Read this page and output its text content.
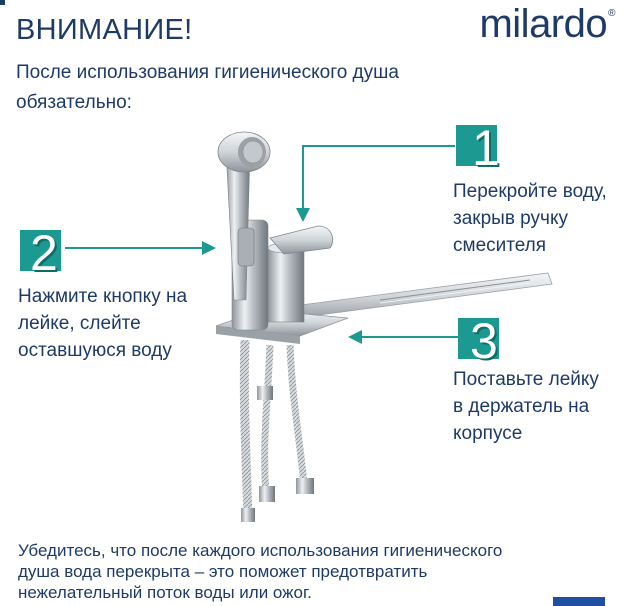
ВНИМАНИЕ!	milardo®
После использования гигиенического душа обязательно:
1
2
3
Перекройте воду, закрыв ручку смесителя
Нажмите кнопку на лейке, слейте оставшуюся воду
Поставьте лейку в держатель на корпусе
Убедитесь, что после каждого использования гигиенического душа вода перекрыта – это поможет предотвратить нежелательный поток воды или ожог.
